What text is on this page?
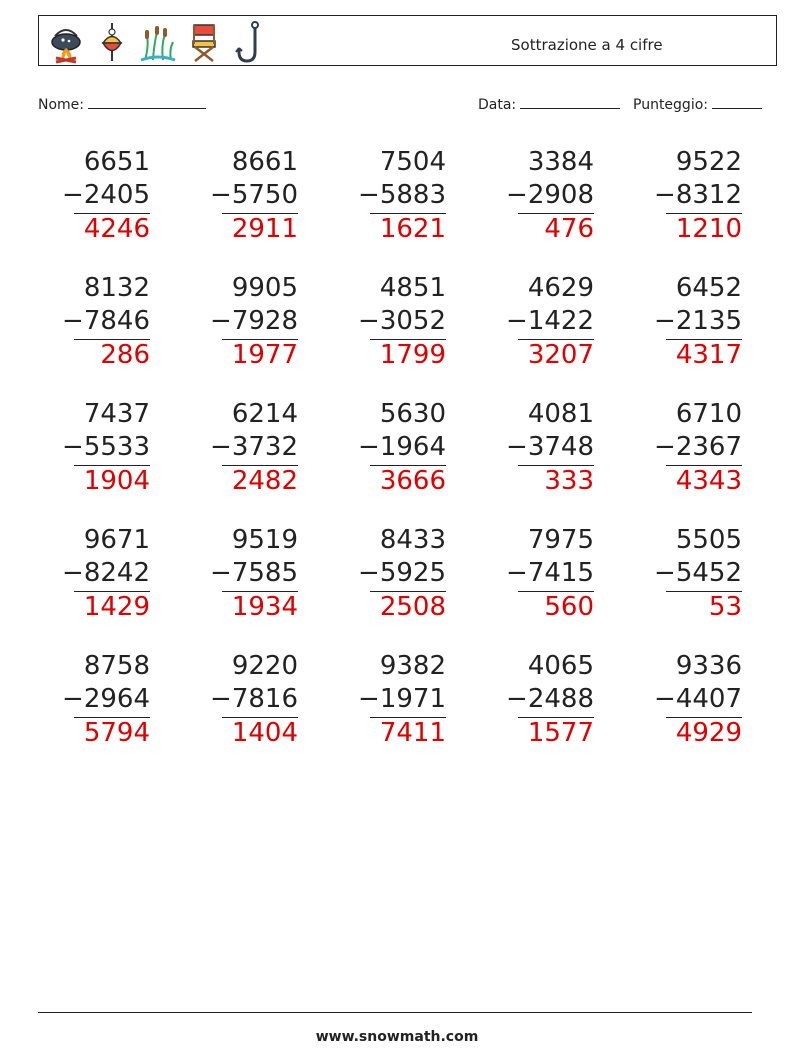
Sottrazione a 4 cifre
Nome:	Data:	Punteggio:
6651
−2405
4246
8661
−5750
2911
7504
−5883
1621
3384
−2908
476
9522
−8312
1210
8132
−7846
286
9905
−7928
1977
4851
−3052
1799
4629
−1422
3207
6452
−2135
4317
7437
−5533
1904
6214
−3732
2482
5630
−1964
3666
4081
−3748
333
6710
−2367
4343
9671
−8242
1429
9519
−7585
1934
8433
−5925
2508
7975
−7415
560
5505
−5452
53
8758
−2964
5794
9220
−7816
1404
9382
−1971
7411
4065
−2488
1577
9336
−4407
4929
www.snowmath.com
